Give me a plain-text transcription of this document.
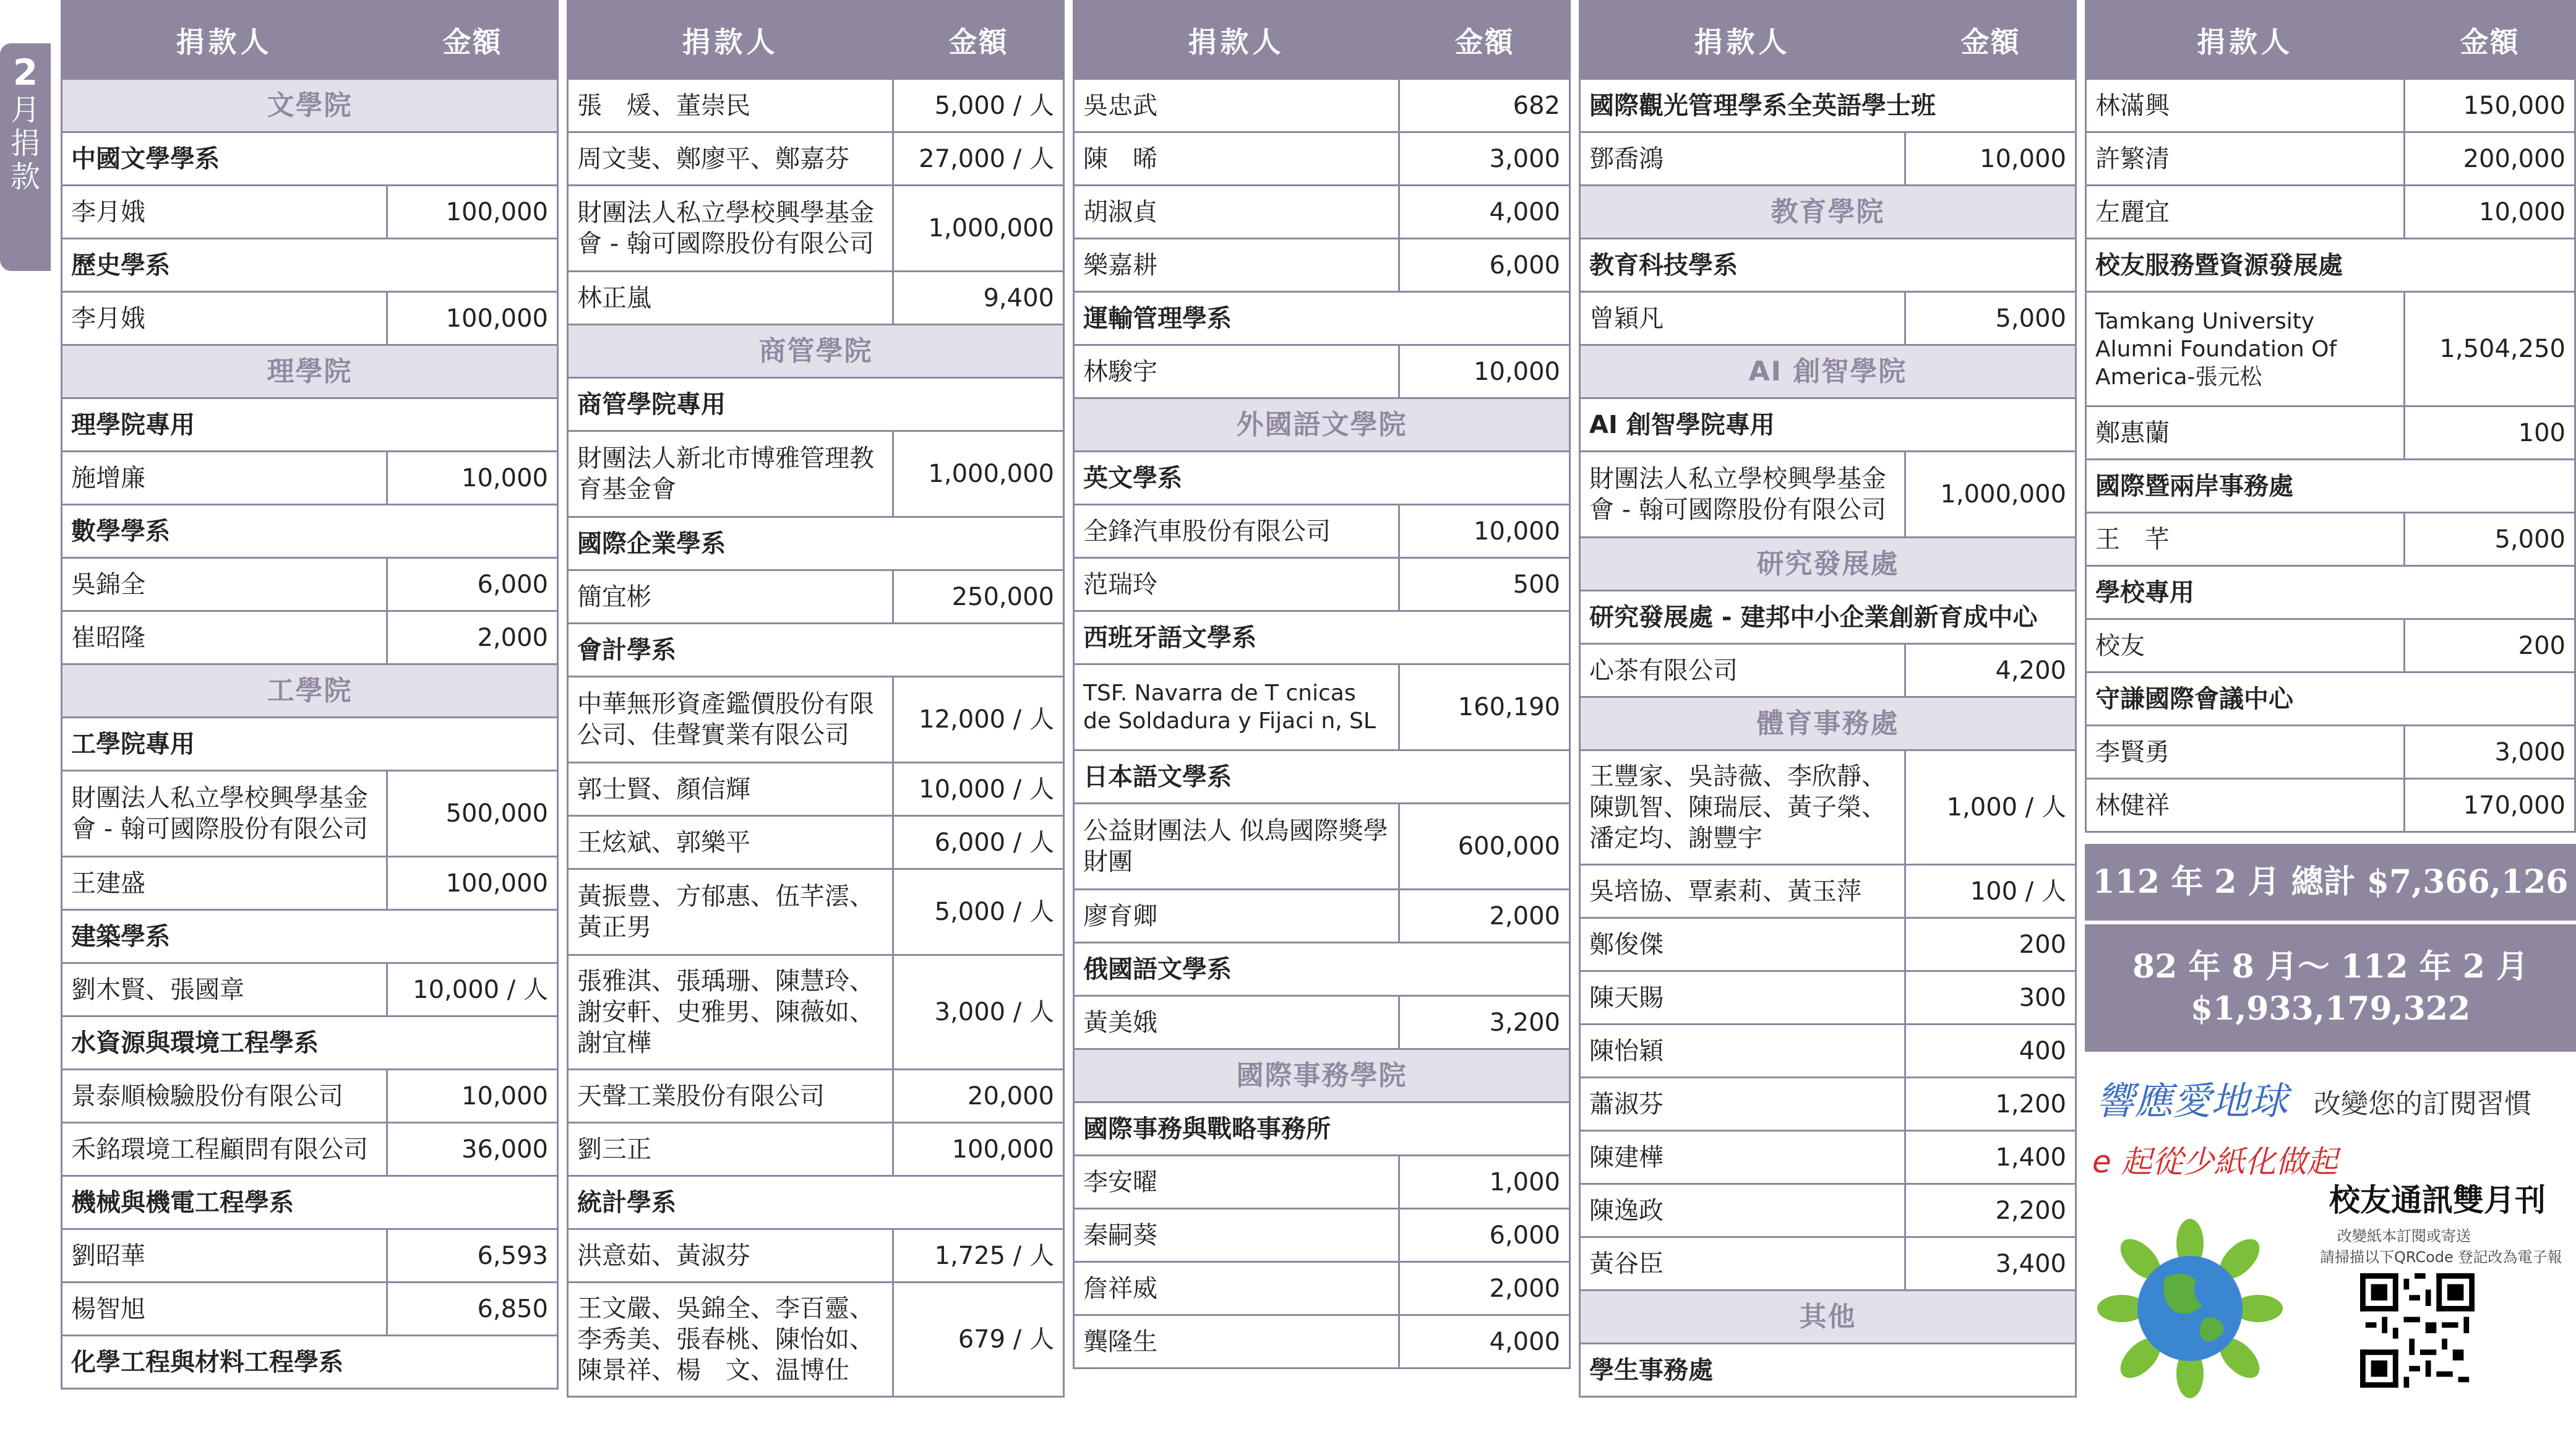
2
月捐款
捐款人	金額
文學院	
中國文學學系	
李月娥	100,000
歷史學系	
李月娥	100,000
理學院	
理學院專用	
施增廉	10,000
數學學系	
吳錦全	6,000
崔昭隆	2,000
工學院	
工學院專用	
財團法人私立學校興學基金會 - 翰可國際股份有限公司	500,000
王建盛	100,000
建築學系	
劉木賢、張國章	10,000 / 人
水資源與環境工程學系	
景泰順檢驗股份有限公司	10,000
禾銘環境工程顧問有限公司	36,000
機械與機電工程學系	
劉昭華	6,593
楊智旭	6,850
化學工程與材料工程學系	
捐款人	金額
張　煖、董崇民	5,000 / 人
周文斐、鄭廖平、鄭嘉芬	27,000 / 人
財團法人私立學校興學基金會 - 翰可國際股份有限公司	1,000,000
林正嵐	9,400
商管學院	
商管學院專用	
財團法人新北市博雅管理教育基金會	1,000,000
國際企業學系	
簡宜彬	250,000
會計學系	
中華無形資產鑑價股份有限公司、佳聲實業有限公司	12,000 / 人
郭士賢、顏信輝	10,000 / 人
王炫斌、郭樂平	6,000 / 人
黃振豊、方郁惠、伍芊澐、黃正男	5,000 / 人
張雅淇、張瑀珊、陳慧玲、謝安軒、史雅男、陳薇如、謝宜樺	3,000 / 人
天聲工業股份有限公司	20,000
劉三正	100,000
統計學系	
洪意茹、黃淑芬	1,725 / 人
王文嚴、吳錦全、李百靈、李秀美、張春桃、陳怡如、陳景祥、楊　文、温博仕	679 / 人
捐款人	金額
吳忠武	682
陳　晞	3,000
胡淑貞	4,000
樂嘉耕	6,000
運輸管理學系	
林駿宇	10,000
外國語文學院	
英文學系	
全鋒汽車股份有限公司	10,000
范瑞玲	500
西班牙語文學系	
TSF. Navarra de T cnicas de Soldadura y Fijaci n, SL	160,190
日本語文學系	
公益財團法人 似鳥國際獎學財團	600,000
廖育卿	2,000
俄國語文學系	
黃美娥	3,200
國際事務學院	
國際事務與戰略事務所	
李安曜	1,000
秦嗣葵	6,000
詹祥威	2,000
龔隆生	4,000
捐款人	金額
國際觀光管理學系全英語學士班	
鄧喬鴻	10,000
教育學院	
教育科技學系	
曾穎凡	5,000
AI 創智學院	
AI 創智學院專用	
財團法人私立學校興學基金會 - 翰可國際股份有限公司	1,000,000
研究發展處	
研究發展處 - 建邦中小企業創新育成中心	
心茶有限公司	4,200
體育事務處	
王豐家、吳詩薇、李欣靜、陳凱智、陳瑞辰、黃子榮、潘定均、謝豐宇	1,000 / 人
吳培協、覃素莉、黃玉萍	100 / 人
鄭俊傑	200
陳天賜	300
陳怡穎	400
蕭淑芬	1,200
陳建樺	1,400
陳逸政	2,200
黃谷臣	3,400
其他	
學生事務處	
捐款人	金額
林滿興	150,000
許繁清	200,000
左麗宜	10,000
校友服務暨資源發展處	
Tamkang University Alumni Foundation Of America-張元松	1,504,250
鄭惠蘭	100
國際暨兩岸事務處	
王　芊	5,000
學校專用	
校友	200
守謙國際會議中心	
李賢勇	3,000
林健祥	170,000
112 年 2 月 總計 $7,366,126
82 年 8 月～ 112 年 2 月
$1,933,179,322
響應愛地球 改變您的訂閱習慣
e 起從少紙化做起
校友通訊雙月刊
改變紙本訂閱或寄送
請掃描以下QRCode 登記改為電子報
